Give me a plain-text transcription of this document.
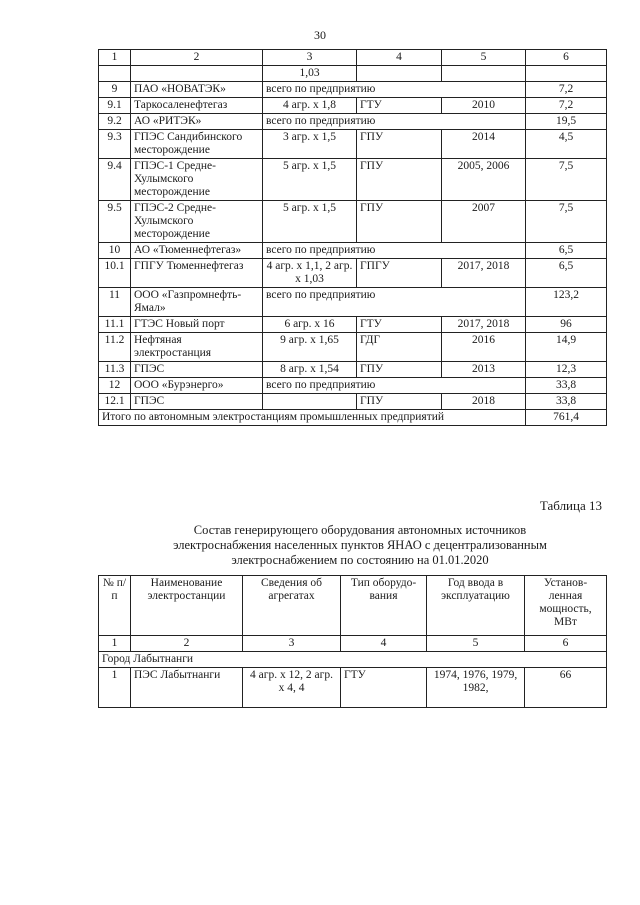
30
1	2	3	4	5	6
		1,03			
9	ПАО «НОВАТЭК»	всего по предприятию			7,2
9.1	Таркосаленефтегаз	4 агр. х 1,8	ГТУ	2010	7,2
9.2	АО «РИТЭК»	всего по предприятию			19,5
9.3	ГПЭС Сандибинского месторождение	3 агр. х 1,5	ГПУ	2014	4,5
9.4	ГПЭС-1 Средне-Хулымского месторождение	5 агр. х 1,5	ГПУ	2005, 2006	7,5
9.5	ГПЭС-2 Средне-Хулымского месторождение	5 агр. х 1,5	ГПУ	2007	7,5
10	АО «Тюменнефтегаз»	всего по предприятию			6,5
10.1	ГПГУ Тюменнефтегаз	4 агр. х 1,1, 2 агр. х 1,03	ГПГУ	2017, 2018	6,5
11	ООО «Газпромнефть-Ямал»	всего по предприятию			123,2
11.1	ГТЭС Новый порт	6 агр. х 16	ГТУ	2017, 2018	96
11.2	Нефтяная электростанция	9 агр. х 1,65	ГДГ	2016	14,9
11.3	ГПЭС	8 агр. х 1,54	ГПУ	2013	12,3
12	ООО «Бурэнерго»	всего по предприятию			33,8
12.1	ГПЭС		ГПУ	2018	33,8
Итого по автономным электростанциям промышленных предприятий					761,4
Таблица 13
Состав генерирующего оборудования автономных источников
электроснабжения населенных пунктов ЯНАО с децентрализованным
электроснабжением по состоянию на 01.01.2020
№ п/п	Наименование электростанции	Сведения об агрегатах	Тип оборудо-вания	Год ввода в эксплуатацию	Установ-ленная мощность, МВт
1	2	3	4	5	6
Город Лабытнанги					
1	ПЭС Лабытнанги	4 агр. х 12, 2 агр. х 4, 4	ГТУ	1974, 1976, 1979, 1982,	66
